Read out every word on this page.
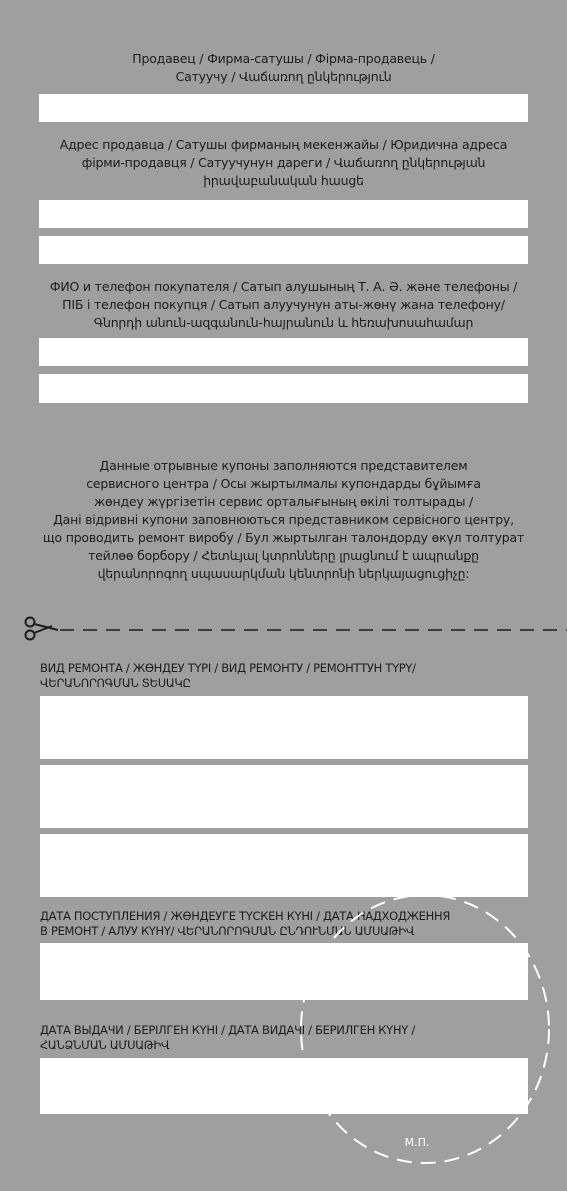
Продавец / Фирма-сатушы / Фірма-продавець /
Сатуучу / Վաճառող ընկերություն
Адрес продавца / Сатушы фирманың мекенжайы / Юридична адреса
фірми-продавця / Сатуучунун дареги / Վաճառող ընկերության
իրավաբանական հասցե
ФИО и телефон покупателя / Сатып алушының Т. А. Ә. және телефоны /
ПІБ і телефон покупця / Сатып алуучунун аты-жөнү жана телефону/
Գնորդի անուն-ազգանուն-հայրանուն և հեռախոսահամար
Данные отрывные купоны заполняются представителем
сервисного центра / Осы жыртылмалы купондарды бұйымға
жөндеу жүргізетін сервис орталығының өкілі толтырады /
Дані відривні купони заповнюються представником сервісного центру,
що проводить ремонт виробу / Бул жыртылган талондорду өкүл толтурат
тейлөө борбору / Հետևյալ կտրոնները լրացնում է ապրանքը
վերանորոգող սպասարկման կենտրոնի ներկայացուցիչը:
ВИД РЕМОНТА / ЖӨНДЕУ ТҮРІ / ВИД РЕМОНТУ / РЕМОНТТУН ТҮРҮ/
ՎԵՐԱՆՈՐՈԳՄԱՆ ՏԵՍԱԿԸ
ДАТА ПОСТУПЛЕНИЯ / ЖӨНДЕУГЕ ТҮСКЕН КҮНІ / ДАТА НАДХОДЖЕННЯ
В РЕМОНТ / АЛУУ КҮНҮ/ ՎԵՐԱՆՈՐՈԳՄԱՆ ԸՆԴՈՒՆՄԱՆ ԱՄՍԱԹԻՎ
ДАТА ВЫДАЧИ / БЕРІЛГЕН КҮНІ / ДАТА ВИДАЧІ / БЕРИЛГЕН КҮНҮ /
ՀԱՆՁՆՄԱՆ ԱՄՍԱԹԻՎ
М.П.
